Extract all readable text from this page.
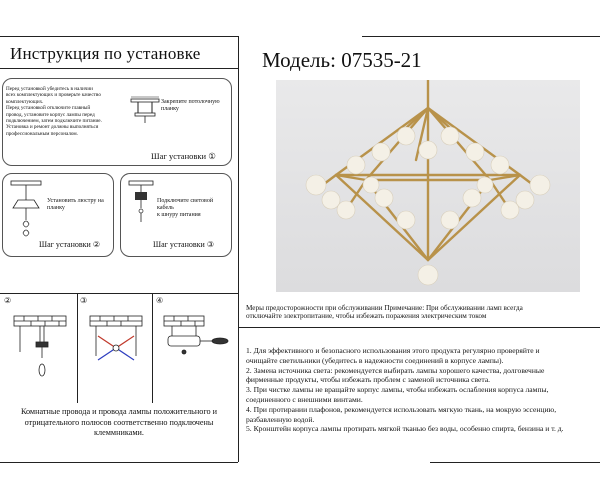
Инструкция по установке	Модель: 07535-21
Перед установкой убедитесь в наличии
всех комплектующих и проверьте качество
комплектующих.
Перед установкой отключите главный
провод, установите корпус лампы перед
подключением, затем подключите питание.
Установка и ремонт должны выполняться
профессиональным персоналом.
Закрепите потолочную
планку
Шаг установки ①
Установить люстру на
планку
Шаг установки ②
Подключите световой кабель
к шнуру питания
Шаг установки ③
②	③	④
Комнатные провода и провода лампы положительного и
отрицательного полюсов соответственно подключены
клеммниками.
Меры предосторожности при обслуживании Примечание: При обслуживании ламп всегда
отключайте электропитание, чтобы избежать поражения электрическим током
1. Для эффективного и безопасного использования этого продукта регулярно проверяйте и
очищайте светильники (убедитесь в надежности соединений в корпусе лампы).
2. Замена источника света: рекомендуется выбирать лампы хорошего качества, долговечные
фирменные продукты, чтобы избежать проблем с заменой источника света.
3. При чистке лампы не вращайте корпус лампы, чтобы избежать ослабления корпуса лампы,
соединенного с внешними винтами.
4. При протирании плафонов, рекомендуется использовать мягкую ткань, на мокрую эссенцию,
разбавленную водой.
5. Кронштейн корпуса лампы протирать мягкой тканью без воды, особенно спирта, бензина и т. д.
